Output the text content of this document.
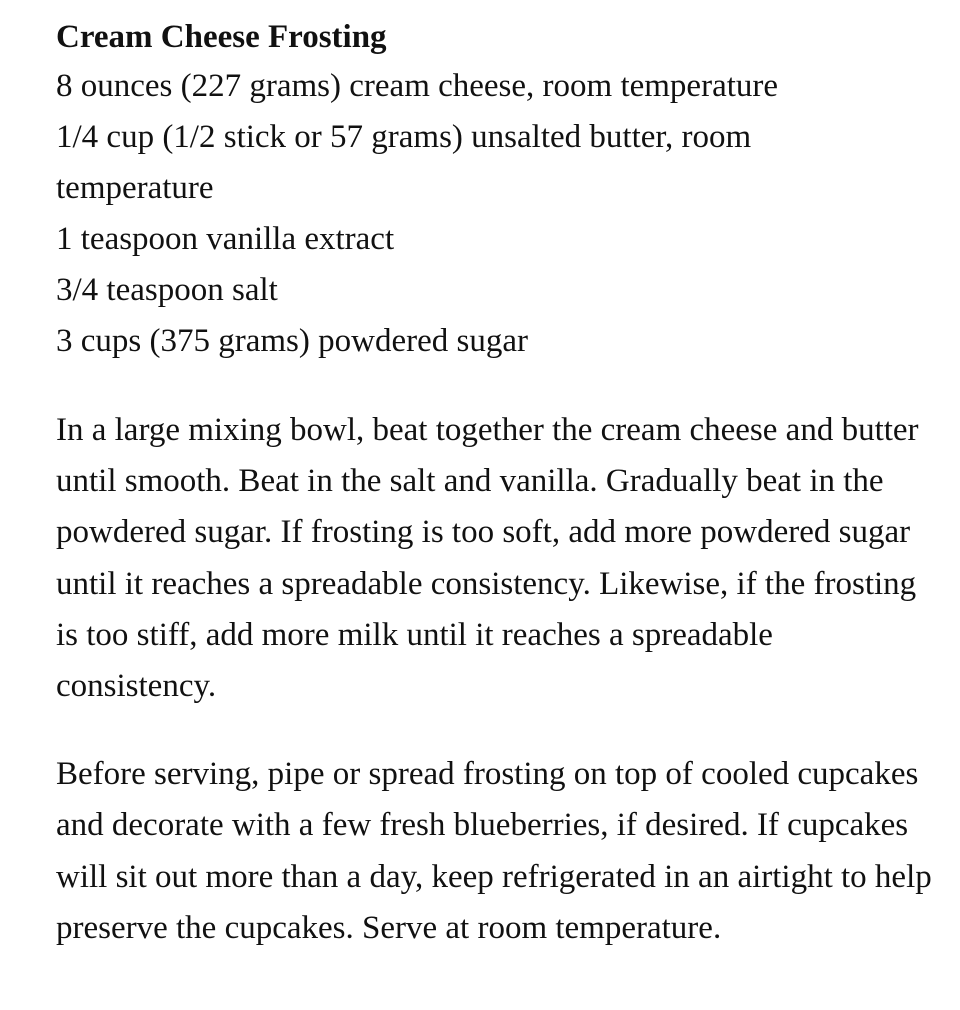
Cream Cheese Frosting
8 ounces (227 grams) cream cheese, room temperature
1/4 cup (1/2 stick or 57 grams) unsalted butter, room temperature
1 teaspoon vanilla extract
3/4 teaspoon salt
3 cups (375 grams) powdered sugar

In a large mixing bowl, beat together the cream cheese and butter until smooth. Beat in the salt and vanilla. Gradually beat in the powdered sugar. If frosting is too soft, add more powdered sugar until it reaches a spreadable consistency. Likewise, if the frosting is too stiff, add more milk until it reaches a spreadable consistency.

Before serving, pipe or spread frosting on top of cooled cupcakes and decorate with a few fresh blueberries, if desired. If cupcakes will sit out more than a day, keep refrigerated in an airtight to help preserve the cupcakes. Serve at room temperature.
